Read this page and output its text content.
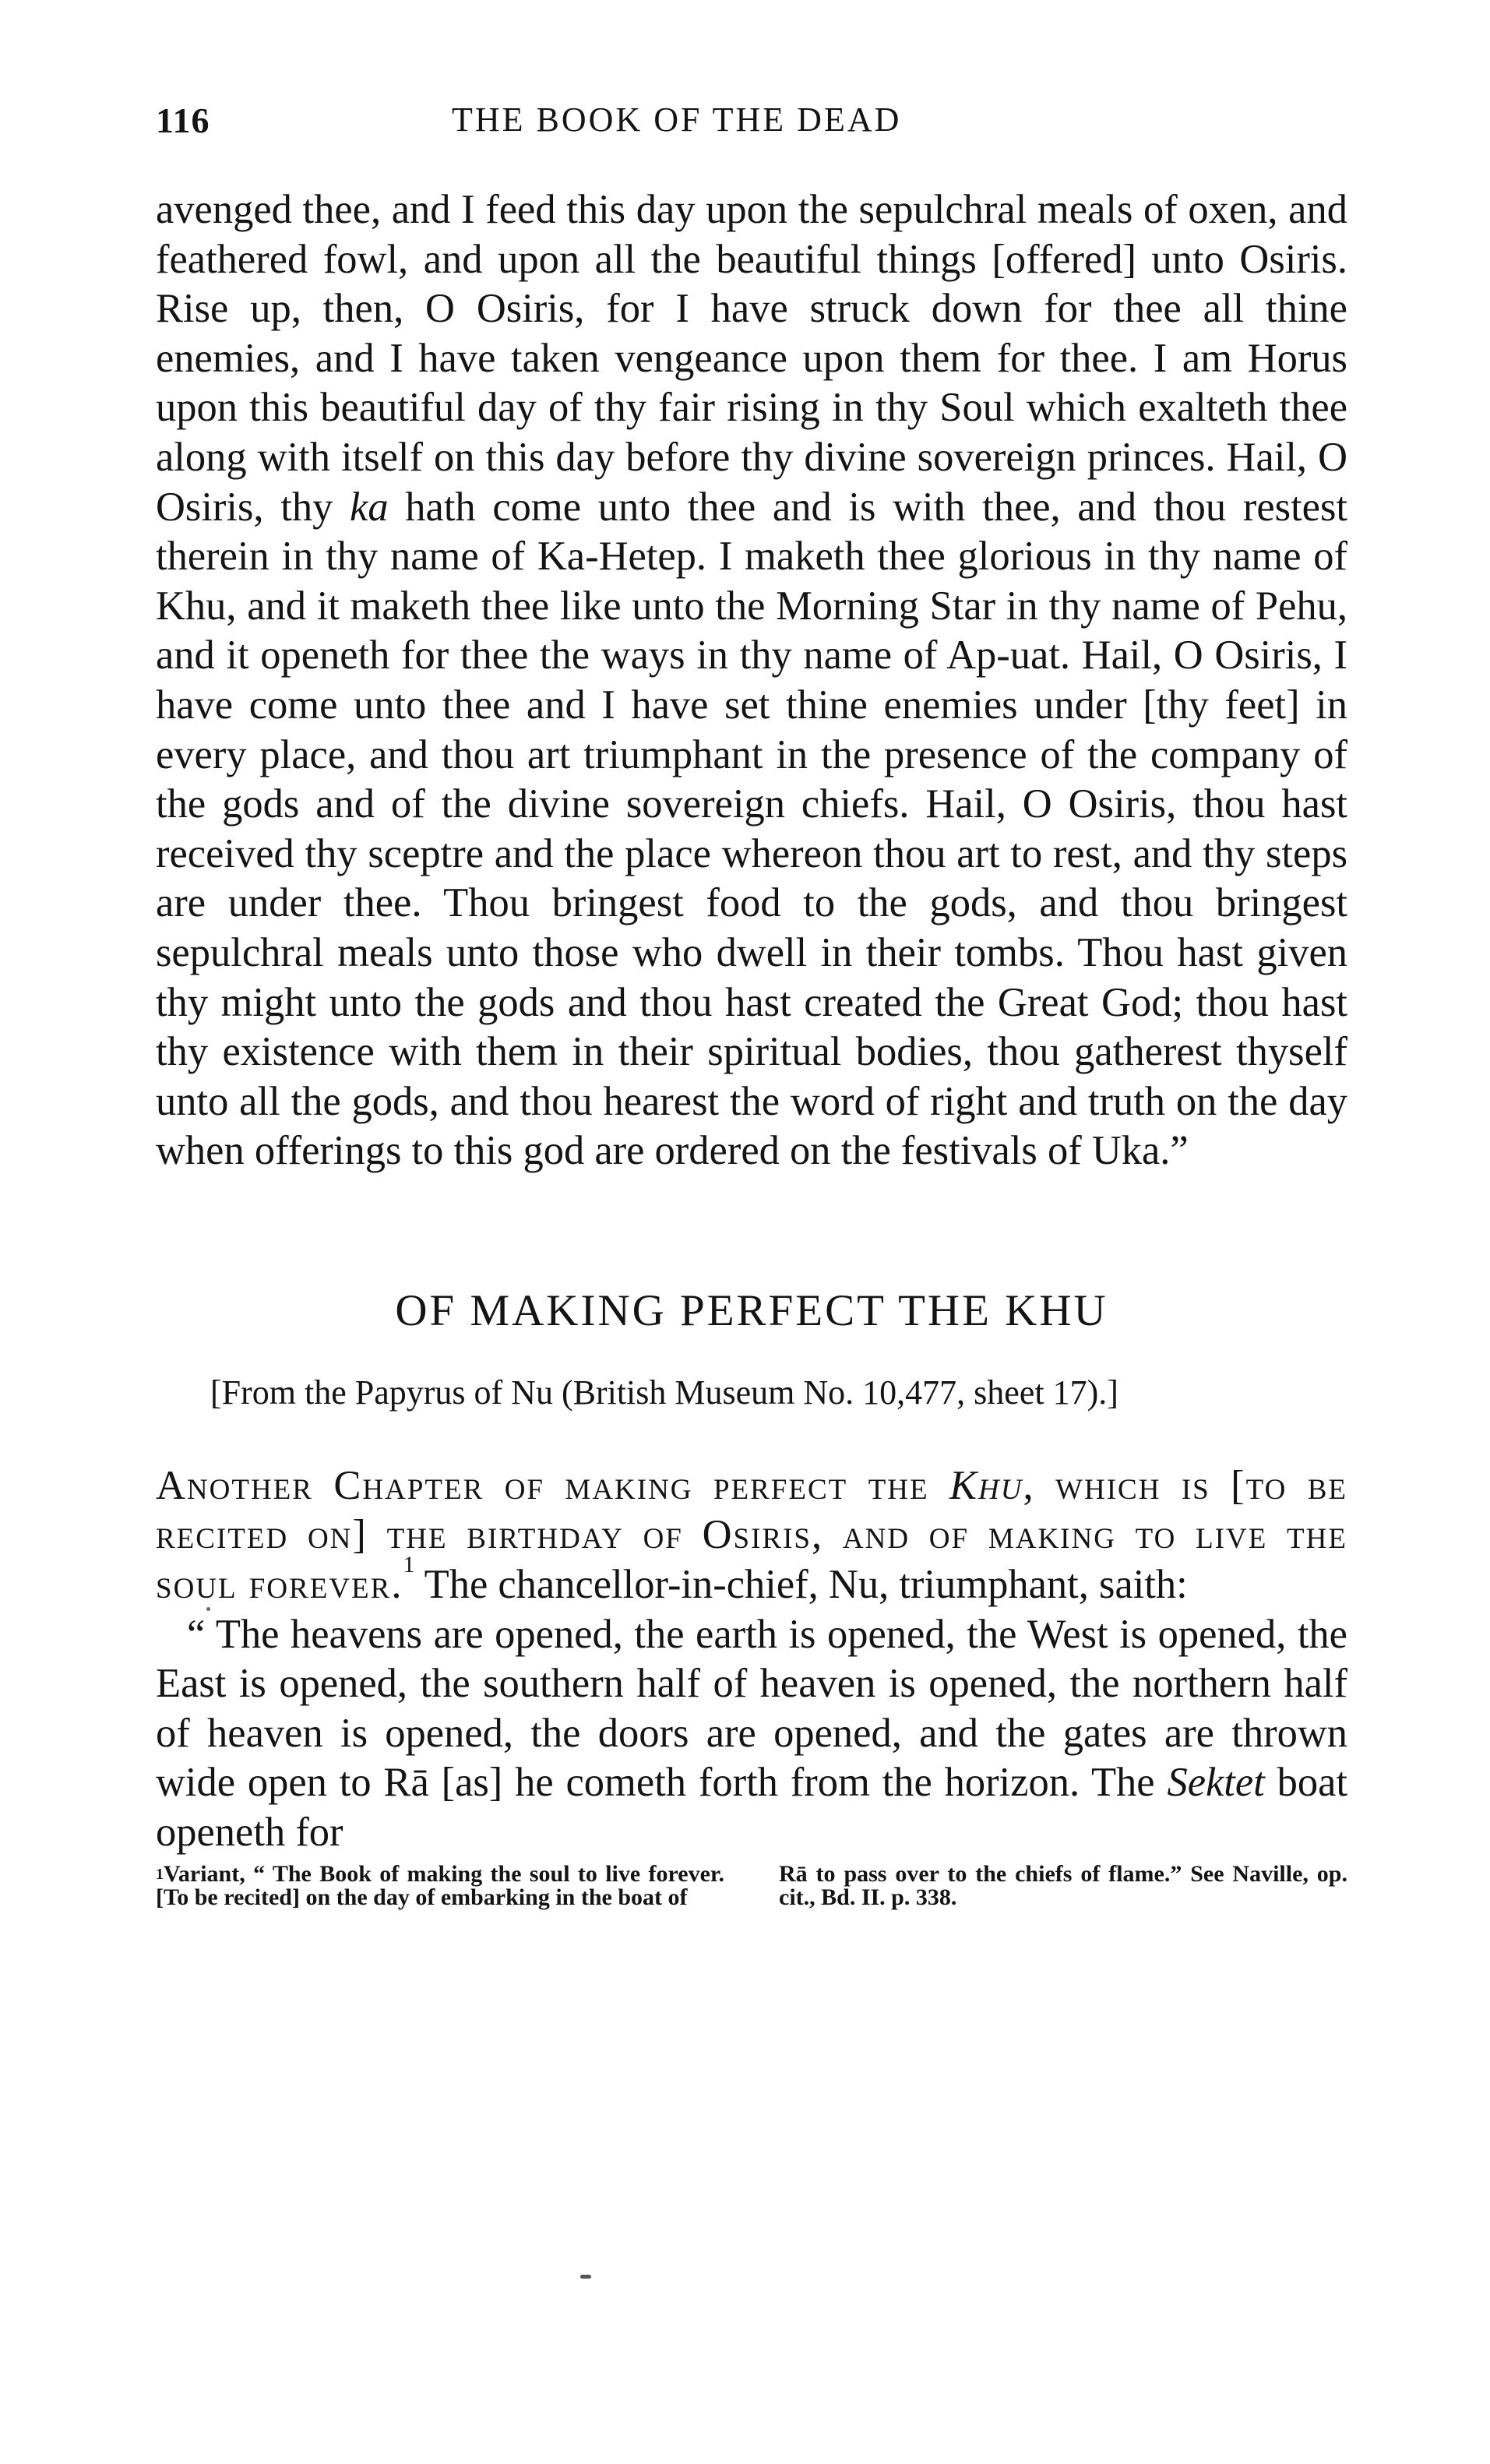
116	THE BOOK OF THE DEAD

avenged thee, and I feed this day upon the sepulchral meals of oxen, and feathered fowl, and upon all the beautiful things [offered] unto Osiris. Rise up, then, O Osiris, for I have struck down for thee all thine enemies, and I have taken vengeance upon them for thee. I am Horus upon this beautiful day of thy fair rising in thy Soul which exalteth thee along with itself on this day before thy divine sovereign princes. Hail, O Osiris, thy ka hath come unto thee and is with thee, and thou restest therein in thy name of Ka-Hetep. I maketh thee glorious in thy name of Khu, and it maketh thee like unto the Morning Star in thy name of Pehu, and it openeth for thee the ways in thy name of Ap-uat. Hail, O Osiris, I have come unto thee and I have set thine enemies under [thy feet] in every place, and thou art triumphant in the presence of the company of the gods and of the divine sovereign chiefs. Hail, O Osiris, thou hast received thy sceptre and the place whereon thou art to rest, and thy steps are under thee. Thou bringest food to the gods, and thou bringest sepulchral meals unto those who dwell in their tombs. Thou hast given thy might unto the gods and thou hast created the Great God; thou hast thy existence with them in their spiritual bodies, thou gatherest thyself unto all the gods, and thou hearest the word of right and truth on the day when offerings to this god are ordered on the festivals of Uka.”

OF MAKING PERFECT THE KHU
[From the Papyrus of Nu (British Museum No. 10,477, sheet 17).]

Another Chapter of making perfect the Khu, which is [to be recited on] the birthday of Osiris, and of making to live the soul forever.$^1$ The chancellor-in-chief, Nu, triumphant, saith:

“ The heavens are opened, the earth is opened, the West is opened, the East is opened, the southern half of heaven is opened, the northern half of heaven is opened, the doors are opened, and the gates are thrown wide open to Rā [as] he cometh forth from the horizon. The Sektet boat openeth for

$^1$Variant, “ The Book of making the soul to live forever. [To be recited] on the day of embarking in the boat of
Rā to pass over to the chiefs of flame.” See Naville, op. cit., Bd. II. p. 338.
